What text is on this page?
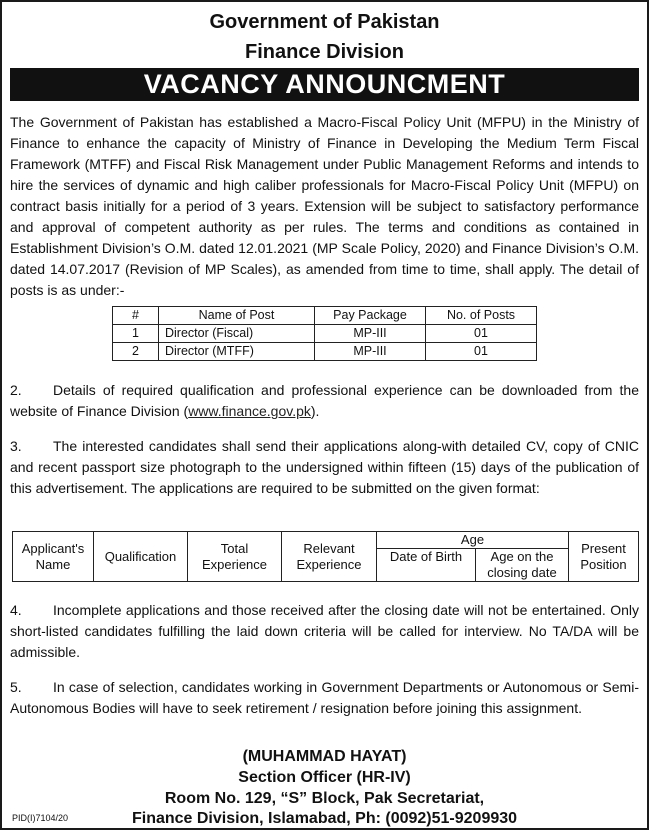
Government of Pakistan
Finance Division
VACANCY ANNOUNCMENT
The Government of Pakistan has established a Macro-Fiscal Policy Unit (MFPU) in the Ministry of Finance to enhance the capacity of Ministry of Finance in Developing the Medium Term Fiscal Framework (MTFF) and Fiscal Risk Management under Public Management Reforms and intends to hire the services of dynamic and high caliber professionals for Macro-Fiscal Policy Unit (MFPU) on contract basis initially for a period of 3 years. Extension will be subject to satisfactory performance and approval of competent authority as per rules. The terms and conditions as contained in Establishment Division’s O.M. dated 12.01.2021 (MP Scale Policy, 2020) and Finance Division’s O.M. dated 14.07.2017 (Revision of MP Scales), as amended from time to time, shall apply. The detail of posts is as under:-
#	Name of Post	Pay Package	No. of Posts
1	Director (Fiscal)	MP-III	01
2	Director (MTFF)	MP-III	01
2. Details of required qualification and professional experience can be downloaded from the website of Finance Division (www.finance.gov.pk).
3. The interested candidates shall send their applications along-with detailed CV, copy of CNIC and recent passport size photograph to the undersigned within fifteen (15) days of the publication of this advertisement. The applications are required to be submitted on the given format:
Applicant's Name	Qualification	Total Experience	Relevant Experience	Age		Present Position
				Date of Birth	Age on the closing date	

4. Incomplete applications and those received after the closing date will not be entertained. Only short-listed candidates fulfilling the laid down criteria will be called for interview. No TA/DA will be admissible.
5. In case of selection, candidates working in Government Departments or Autonomous or Semi-Autonomous Bodies will have to seek retirement / resignation before joining this assignment.
(MUHAMMAD HAYAT)
Section Officer (HR-IV)
Room No. 129, “S” Block, Pak Secretariat,
Finance Division, Islamabad, Ph: (0092)51-9209930
PID(I)7104/20
